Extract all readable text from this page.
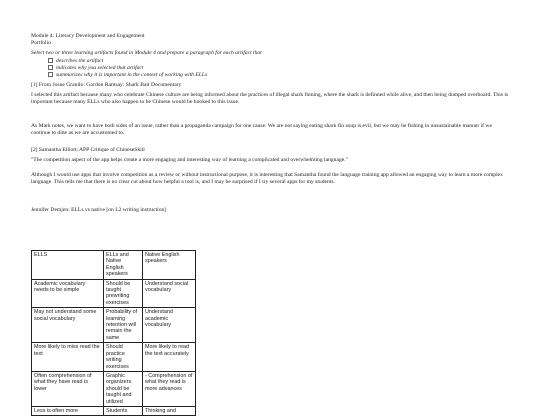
Module 4: Literacy Development and Engagement
Portfolio
Select two or three learning artifacts found in Module 4 and prepare a paragraph for each artifact that
describes the artifact
indicates why you selected that artifact
summarizes why it is important in the context of working with ELLs
[1] From Josue Granilo: Gordon Ramsay: Shark Bait Documentary
I selected this artifact because many who celebrate Chinese culture are being informed about the practices of illegal shark finning, where the shark is definned while alive, and then being dumped overboard. This is important because many ELLs who also happen to be Chinese would be hooked to this issue.
As Mark notes, we want to have both sides of an issue, rather than a propaganda campaign for one cause. We are not saying eating shark fin soup is evil, but we may be fishing in unsustainable manner if we continue to dine as we are accustomed to.
[2] Samantha Elliott; APP Critique of ChineseSkill
"The competition aspect of the app helps create a more engaging and interesting way of learning a complicated and overwhelming language."
Although I would use apps that involve competition as a review or without instructional purpose, it is interesting that Samantha found the language training app allowed an engaging way to learn a more complex language. This tells me that there is no clear cut about how helpful a tool is, and I may be surprised if I try several apps for my students.
Jennifer Demjen: ELLs vs native [on L2 writing instruction]
ELLS	ELLs and Native English speakers	Native English speakers
Academic vocabulary needs to be simple	Should be taught prewriting exercises	Understand social vocabulary
May not understand some social vocabulary	Probability of learning retention will remain the same	Understand academic vocabulary
More likely to miss read the text	Should practice writing exercises	More likely to read the text accurately
Often comprehension of what they have read is lower	Graphic organizers should be taught and utilized	- Comprehension of what they read is more advances
Less is often more	Students	Thinking and
